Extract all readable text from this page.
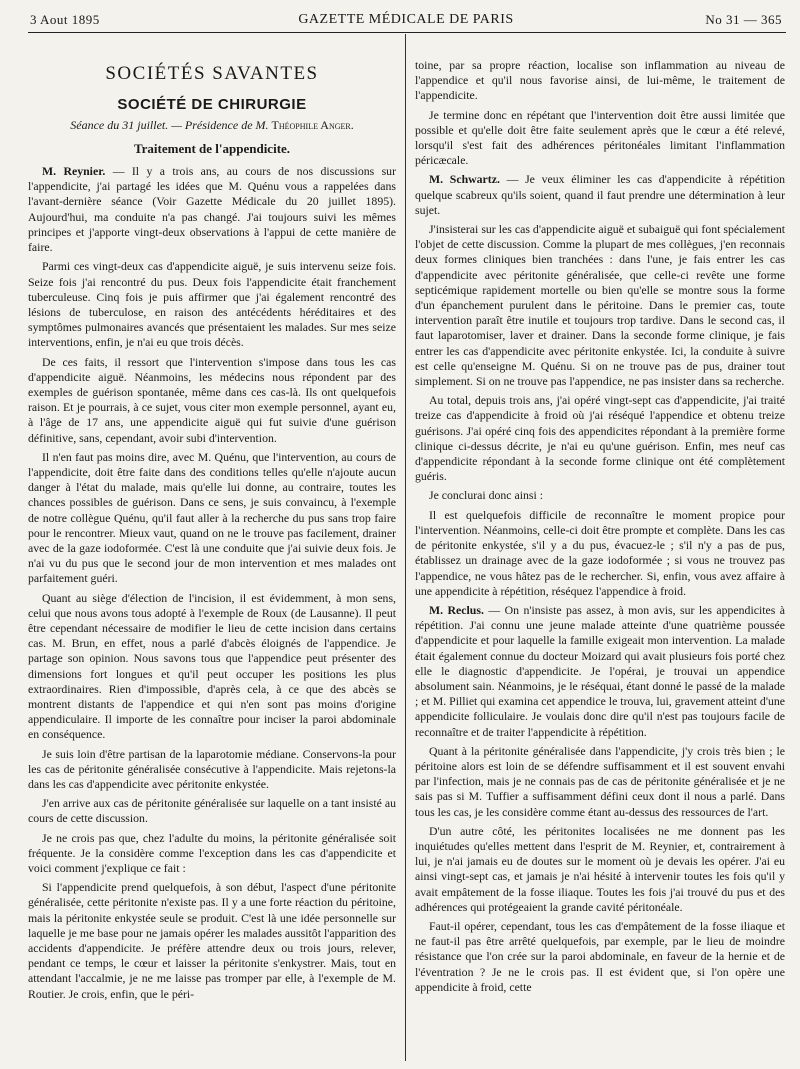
3 Aout 1895	GAZETTE MÉDICALE DE PARIS	No 31 — 365
SOCIÉTÉS SAVANTES
SOCIÉTÉ DE CHIRURGIE
Séance du 31 juillet. — Présidence de M. Théophile Anger.
Traitement de l'appendicite.

M. Reynier. — Il y a trois ans, au cours de nos discussions sur l'appendicite, j'ai partagé les idées que M. Quénu vous a rappelées dans l'avant-dernière séance (Voir Gazette Médicale du 20 juillet 1895). Aujourd'hui, ma conduite n'a pas changé. J'ai toujours suivi les mêmes principes et j'apporte vingt-deux observations à l'appui de cette manière de faire.

Parmi ces vingt-deux cas d'appendicite aiguë, je suis intervenu seize fois. Seize fois j'ai rencontré du pus. Deux fois l'appendicite était franchement tuberculeuse. Cinq fois je puis affirmer que j'ai également rencontré des lésions de tuberculose, en raison des antécédents héréditaires et des symptômes pulmonaires avancés que présentaient les malades. Sur mes seize interventions, enfin, je n'ai eu que trois décès.

De ces faits, il ressort que l'intervention s'impose dans tous les cas d'appendicite aiguë. Néanmoins, les médecins nous répondent par des exemples de guérison spontanée, même dans ces cas-là. Ils ont quelquefois raison. Et je pourrais, à ce sujet, vous citer mon exemple personnel, ayant eu, à l'âge de 17 ans, une appendicite aiguë qui fut suivie d'une guérison définitive, sans, cependant, avoir subi d'intervention.

Il n'en faut pas moins dire, avec M. Quénu, que l'intervention, au cours de l'appendicite, doit être faite dans des conditions telles qu'elle n'ajoute aucun danger à l'état du malade, mais qu'elle lui donne, au contraire, toutes les chances possibles de guérison. Dans ce sens, je suis convaincu, à l'exemple de notre collègue Quénu, qu'il faut aller à la recherche du pus sans trop faire pour le rencontrer. Mieux vaut, quand on ne le trouve pas facilement, drainer avec de la gaze iodoformée. C'est là une conduite que j'ai suivie deux fois. Je n'ai vu du pus que le second jour de mon intervention et mes malades ont parfaitement guéri.

Quant au siège d'élection de l'incision, il est évidemment, à mon sens, celui que nous avons tous adopté à l'exemple de Roux (de Lausanne). Il peut être cependant nécessaire de modifier le lieu de cette incision dans certains cas. M. Brun, en effet, nous a parlé d'abcès éloignés de l'appendice. Je partage son opinion. Nous savons tous que l'appendice peut présenter des dimensions fort longues et qu'il peut occuper les positions les plus extraordinaires. Rien d'impossible, d'après cela, à ce que des abcès se montrent distants de l'appendice et qui n'en sont pas moins d'origine appendiculaire. Il importe de les connaître pour inciser la paroi abdominale en conséquence.

Je suis loin d'être partisan de la laparotomie médiane. Conservons-la pour les cas de péritonite généralisée consécutive à l'appendicite. Mais rejetons-la dans les cas d'appendicite avec péritonite enkystée.

J'en arrive aux cas de péritonite généralisée sur laquelle on a tant insisté au cours de cette discussion.

Je ne crois pas que, chez l'adulte du moins, la péritonite généralisée soit fréquente. Je la considère comme l'exception dans les cas d'appendicite et voici comment j'explique ce fait :

Si l'appendicite prend quelquefois, à son début, l'aspect d'une péritonite généralisée, cette péritonite n'existe pas. Il y a une forte réaction du péritoine, mais la péritonite enkystée seule se produit. C'est là une idée personnelle sur laquelle je me base pour ne jamais opérer les malades aussitôt l'apparition des accidents d'appendicite. Je préfère attendre deux ou trois jours, relever, pendant ce temps, le cœur et laisser la péritonite s'enkystrer. Mais, tout en attendant l'accalmie, je ne me laisse pas tromper par elle, à l'exemple de M. Routier. Je crois, enfin, que le péri-

toine, par sa propre réaction, localise son inflammation au niveau de l'appendice et qu'il nous favorise ainsi, de lui-même, le traitement de l'appendicite.

Je termine donc en répétant que l'intervention doit être aussi limitée que possible et qu'elle doit être faite seulement après que le cœur a été relevé, lorsqu'il s'est fait des adhérences péritonéales limitant l'inflammation péricæcale.

M. Schwartz. — Je veux éliminer les cas d'appendicite à répétition quelque scabreux qu'ils soient, quand il faut prendre une détermination à leur sujet.

J'insisterai sur les cas d'appendicite aiguë et subaiguë qui font spécialement l'objet de cette discussion. Comme la plupart de mes collègues, j'en reconnais deux formes cliniques bien tranchées : dans l'une, je fais entrer les cas d'appendicite avec péritonite généralisée, que celle-ci revête une forme septicémique rapidement mortelle ou bien qu'elle se montre sous la forme d'un épanchement purulent dans le péritoine. Dans le premier cas, toute intervention paraît être inutile et toujours trop tardive. Dans le second cas, il faut laparotomiser, laver et drainer. Dans la seconde forme clinique, je fais entrer les cas d'appendicite avec péritonite enkystée. Ici, la conduite à suivre est celle qu'enseigne M. Quénu. Si on ne trouve pas de pus, drainer tout simplement. Si on ne trouve pas l'appendice, ne pas insister dans sa recherche.

Au total, depuis trois ans, j'ai opéré vingt-sept cas d'appendicite, j'ai traité treize cas d'appendicite à froid où j'ai réséqué l'appendice et obtenu treize guérisons. J'ai opéré cinq fois des appendicites répondant à la première forme clinique ci-dessus décrite, je n'ai eu qu'une guérison. Enfin, mes neuf cas d'appendicite répondant à la seconde forme clinique ont été complètement guéris.

Je conclurai donc ainsi :

Il est quelquefois difficile de reconnaître le moment propice pour l'intervention. Néanmoins, celle-ci doit être prompte et complète. Dans les cas de péritonite enkystée, s'il y a du pus, évacuez-le ; s'il n'y a pas de pus, établissez un drainage avec de la gaze iodoformée ; si vous ne trouvez pas l'appendice, ne vous hâtez pas de le rechercher. Si, enfin, vous avez affaire à une appendicite à répétition, réséquez l'appendice à froid.

M. Reclus. — On n'insiste pas assez, à mon avis, sur les appendicites à répétition. J'ai connu une jeune malade atteinte d'une quatrième poussée d'appendicite et pour laquelle la famille exigeait mon intervention. La malade était également connue du docteur Moizard qui avait plusieurs fois porté chez elle le diagnostic d'appendicite. Je l'opérai, je trouvai un appendice absolument sain. Néanmoins, je le réséquai, étant donné le passé de la malade ; et M. Pilliet qui examina cet appendice le trouva, lui, gravement atteint d'une appendicite folliculaire. Je voulais donc dire qu'il n'est pas toujours facile de reconnaître et de traiter l'appendicite à répétition.

Quant à la péritonite généralisée dans l'appendicite, j'y crois très bien ; le péritoine alors est loin de se défendre suffisamment et il est souvent envahi par l'infection, mais je ne connais pas de cas de péritonite généralisée et je ne sais pas si M. Tuffier a suffisamment défini ceux dont il nous a parlé. Dans tous les cas, je les considère comme étant au-dessus des ressources de l'art.

D'un autre côté, les péritonites localisées ne me donnent pas les inquiétudes qu'elles mettent dans l'esprit de M. Reynier, et, contrairement à lui, je n'ai jamais eu de doutes sur le moment où je devais les opérer. J'ai eu ainsi vingt-sept cas, et jamais je n'ai hésité à intervenir toutes les fois qu'il y avait empâtement de la fosse iliaque. Toutes les fois j'ai trouvé du pus et des adhérences qui protégeaient la grande cavité péritonéale.

Faut-il opérer, cependant, tous les cas d'empâtement de la fosse iliaque et ne faut-il pas être arrêté quelquefois, par exemple, par le lieu de moindre résistance que l'on crée sur la paroi abdominale, en faveur de la hernie et de l'éventration ? Je ne le crois pas. Il est évident que, si l'on opère une appendicite à froid, cette
